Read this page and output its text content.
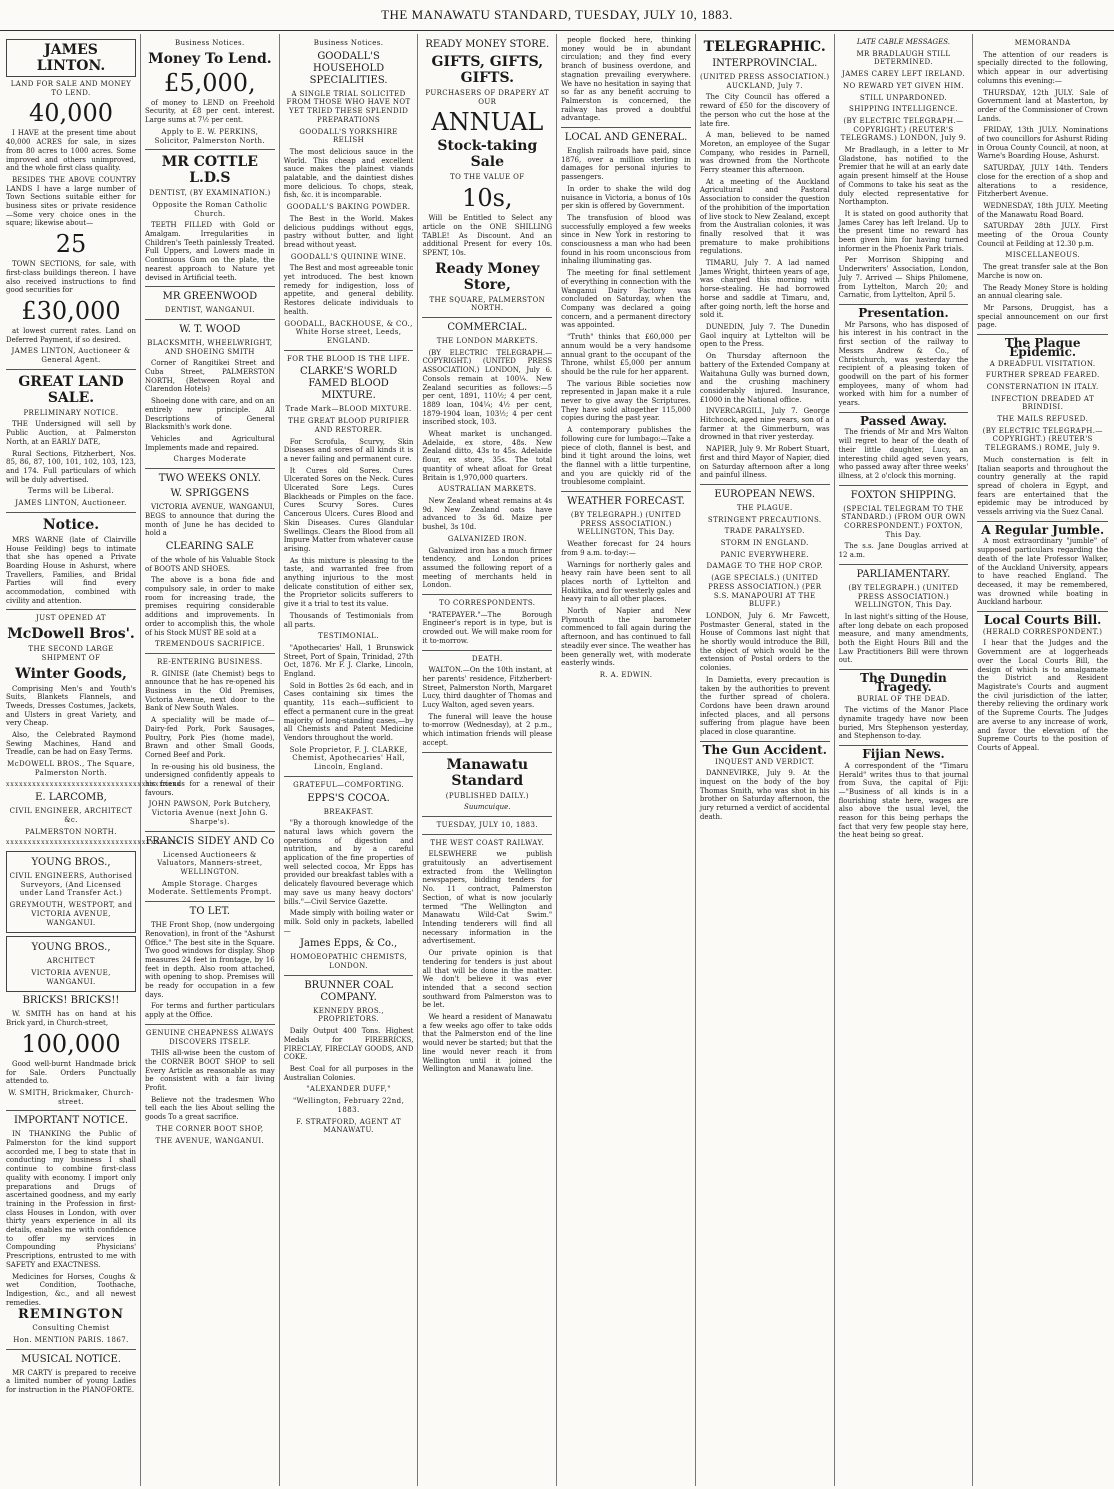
THE MANAWATU STANDARD, TUESDAY, JULY 10, 1883.
JAMES LINTON.
LAND FOR SALE AND MONEY TO LEND.
40,000

I HAVE at the present time about 40,000 ACRES for sale, in sizes from 80 acres to 1000 acres. Some improved and others unimproved, and the whole first class quality.

BESIDES THE ABOVE COUNTRY LANDS I have a large number of Town Sections suitable either for business sites or private residence—Some very choice ones in the square; likewise about—

25

TOWN SECTIONS, for sale, with first-class buildings thereon. I have also received instructions to find good securities for

£30,000

at lowest current rates. Land on Deferred Payment, if so desired.

JAMES LINTON, Auctioneer & General Agent.
GREAT LAND SALE.
PRELIMINARY NOTICE.

THE Undersigned will sell by Public Auction, at Palmerston North, at an EARLY DATE,

Rural Sections, Fitzherbert, Nos. 85, 86, 87, 100, 101, 102, 103, 123, and 174. Full particulars of which will be duly advertised.

Terms will be Liberal.
JAMES LINTON, Auctioneer.
Notice.

MRS WARNE (late of Clairville House Feilding) begs to intimate that she has opened a Private Boarding House in Ashurst, where Travellers, Families, and Bridal Parties will find every accommodation, combined with civility and attention.

JUST OPENED AT
McDowell Bros'.
THE SECOND LARGE SHIPMENT OF
Winter Goods,

Comprising Men's and Youth's Suits, Blankets Flannels, and Tweeds, Dresses Costumes, Jackets, and Ulsters in great Variety, and very Cheap.

Also, the Celebrated Raymond Sewing Machines, Hand and Treadle, can be had on Easy Terms.

McDOWELL BROS., The Square, Palmerston North.
xxxxxxxxxxxxxxxxxxxxxxxxxxxxxxxxxxxxxxxx
E. LARCOMB,
CIVIL ENGINEER, ARCHITECT &c.
PALMERSTON NORTH.
xxxxxxxxxxxxxxxxxxxxxxxxxxxxxxxxxxxxxxxx
YOUNG BROS.,
CIVIL ENGINEERS, Authorised Surveyors, (And Licensed under Land Transfer Act.)
GREYMOUTH, WESTPORT, and VICTORIA AVENUE, WANGANUI.
YOUNG BROS.,
ARCHITECT
VICTORIA AVENUE, WANGANUI.
BRICKS! BRICKS!!

W. SMITH has on hand at his Brick yard, in Church-street,

100,000

Good well-burnt Handmade brick for Sale. Orders Punctually attended to.

W. SMITH, Brickmaker, Church-street.
IMPORTANT NOTICE.

IN THANKING the Public of Palmerston for the kind support accorded me, I beg to state that in conducting my business I shall continue to combine first-class quality with economy. I import only preparations and Drugs of ascertained goodness, and my early training in the Profession in first-class Houses in London, with over thirty years experience in all its details, enables me with confidence to offer my services in Compounding Physicians' Prescriptions, entrusted to me with SAFETY and EXACTNESS.

Medicines for Horses, Coughs & wet Condition, Toothache, Indigestion, &c., and all newest remedies.

REMINGTON
Consulting Chemist
Hon. MENTION PARIS. 1867.
MUSICAL NOTICE.

MR CARTY is prepared to receive a limited number of young Ladies for instruction in the PIANOFORTE.

Business Notices.
Money To Lend.
£5,000,

of money to LEND on Freehold Security, at £8 per cent. interest. Large sums at 7½ per cent.

Apply to E. W. PERKINS, Solicitor, Palmerston North.
MR COTTLE L.D.S
DENTIST, (BY EXAMINATION.)
Opposite the Roman Catholic Church.

TEETH FILLED with Gold or Amalgam. Irregularities in Children's Teeth painlessly Treated. Full Uppers, and Lowers made in Continuous Gum on the plate, the nearest approach to Nature yet devised in Artificial teeth.

MR GREENWOOD
DENTIST, WANGANUI.
W. T. WOOD
BLACKSMITH, WHEELWRIGHT, AND SHOEING SMITH

Corner of Rangitikei Street and Cuba Street, PALMERSTON NORTH, (Between Royal and Clarendon Hotels)

Shoeing done with care, and on an entirely new principle. All Descriptions of General Blacksmith's work done.

Vehicles and Agricultural Implements made and repaired.

Charges Moderate
TWO WEEKS ONLY.
W. SPRIGGENS

VICTORIA AVENUE, WANGANUI, BEGS to announce that during the month of June he has decided to hold a

CLEARING SALE

of the whole of his Valuable Stock of BOOTS AND SHOES.

The above is a bona fide and compulsory sale, in order to make room for increasing trade, the premises requiring considerable additions and improvements. In order to accomplish this, the whole of his Stock MUST BE sold at a

TREMENDOUS SACRIFICE.
RE-ENTERING BUSINESS.

R. GINISE (late Chemist) begs to announce that he has re-opened his Business in the Old Premises, Victoria Avenue, next door to the Bank of New South Wales.

A speciality will be made of— Dairy-fed Pork, Pork Sausages, Poultry, Pork Pies (home made), Brawn and other Small Goods, Corned Beef and Pork.

In re-ousing his old business, the undersigned confidently appeals to his friends for a renewal of their favours.

JOHN PAWSON, Pork Butchery, Victoria Avenue (next John G. Sharpe's).
FRANCIS SIDEY AND Co
Licensed Auctioneers & Valuators, Manners-street, WELLINGTON.
Ample Storage. Charges Moderate. Settlements Prompt.
TO LET.

THE Front Shop, (now undergoing Renovation), in front of the "Ashurst Office." The best site in the Square. Two good windows for display. Shop measures 24 feet in frontage, by 16 feet in depth. Also room attached, with opening to shop. Premises will be ready for occupation in a few days.

For terms and further particulars apply at the Office.

GENUINE CHEAPNESS ALWAYS DISCOVERS ITSELF.

THIS all-wise been the custom of the CORNER BOOT SHOP to sell Every Article as reasonable as may be consistent with a fair living Profit.

Believe not the tradesmen Who tell each the lies About selling the goods To a great sacrifice.

THE CORNER BOOT SHOP,
THE AVENUE, WANGANUI.
Business Notices.
GOODALL'S HOUSEHOLD SPECIALITIES.
A SINGLE TRIAL SOLICITED FROM THOSE WHO HAVE NOT YET TRIED THESE SPLENDID PREPARATIONS
GOODALL'S YORKSHIRE RELISH

The most delicious sauce in the World. This cheap and excellent sauce makes the plainest viands palatable, and the daintiest dishes more delicious. To chops, steak, fish, &c. it is incomparable.

GOODALL'S BAKING POWDER.

The Best in the World. Makes delicious puddings without eggs, pastry without butter, and light bread without yeast.

GOODALL'S QUININE WINE.

The Best and most agreeable tonic yet introduced. The best known remedy for indigestion, loss of appetite, and general debility. Restores delicate individuals to health.

GOODALL, BACKHOUSE, & CO., White Horse street, Leeds, ENGLAND.
FOR THE BLOOD IS THE LIFE.
CLARKE'S WORLD FAMED BLOOD MIXTURE.
Trade Mark—BLOOD MIXTURE.
THE GREAT BLOOD PURIFIER AND RESTORER.

For Scrofula, Scurvy, Skin Diseases and sores of all kinds it is a never failing and permanent cure.

It Cures old Sores. Cures Ulcerated Sores on the Neck. Cures Ulcerated Sore Legs. Cures Blackheads or Pimples on the face. Cures Scurvy Sores. Cures Cancerous Ulcers. Cures Blood and Skin Diseases. Cures Glandular Swellings. Clears the Blood from all Impure Matter from whatever cause arising.

As this mixture is pleasing to the taste, and warranted free from anything injurious to the most delicate constitution of either sex, the Proprietor solicits sufferers to give it a trial to test its value.

Thousands of Testimonials from all parts.

TESTIMONIAL.

"Apothecaries' Hall, 1 Brunswick Street, Port of Spain, Trinidad, 27th Oct, 1876. Mr F. J. Clarke, Lincoln, England.

Sold in Bottles 2s 6d each, and in Cases containing six times the quantity, 11s each—sufficient to effect a permanent cure in the great majority of long-standing cases,—by all Chemists and Patent Medicine Vendors throughout the world.

Sole Proprietor, F. J. CLARKE, Chemist, Apothecaries' Hall, Lincoln, England.
GRATEFUL—COMFORTING.
EPPS'S COCOA.
BREAKFAST.

"By a thorough knowledge of the natural laws which govern the operations of digestion and nutrition, and by a careful application of the fine properties of well selected cocoa, Mr Epps has provided our breakfast tables with a delicately flavoured beverage which may save us many heavy doctors' bills."—Civil Service Gazette.

Made simply with boiling water or milk. Sold only in packets, labelled—

James Epps, & Co.,
HOMOEOPATHIC CHEMISTS, LONDON.
BRUNNER COAL COMPANY.
KENNEDY BROS., PROPRIETORS.

Daily Output 400 Tons. Highest Medals for FIREBRICKS, FIRECLAY, FIRECLAY GOODS, AND COKE.

Best Coal for all purposes in the Australian Colonies.

"ALEXANDER DUFF,"
"Wellington, February 22nd, 1883.
F. STRATFORD, AGENT AT MANAWATU.
READY MONEY STORE.
GIFTS, GIFTS, GIFTS.
PURCHASERS OF DRAPERY AT OUR
ANNUAL
Stock-taking Sale
TO THE VALUE OF
10s,

Will be Entitled to Select any article on the ONE SHILLING TABLE! As Discount. And an additional Present for every 10s. SPENT, 10s.

Ready Money Store,
THE SQUARE, PALMERSTON NORTH.
COMMERCIAL.
THE LONDON MARKETS.

(BY ELECTRIC TELEGRAPH.—COPYRIGHT.) (UNITED PRESS ASSOCIATION.) LONDON, July 6. Consols remain at 100¼. New Zealand securities as follows:—5 per cent, 1891, 110½; 4 per cent, 1889 loan, 104¼; 4½ per cent, 1879-1904 loan, 103½; 4 per cent inscribed stock, 103.

Wheat market is unchanged. Adelaide, ex store, 48s. New Zealand ditto, 43s to 45s. Adelaide flour, ex store, 35s. The total quantity of wheat afloat for Great Britain is 1,970,000 quarters.

AUSTRALIAN MARKETS.

New Zealand wheat remains at 4s 9d. New Zealand oats have advanced to 3s 6d. Maize per bushel, 3s 10d.

GALVANIZED IRON.

Galvanized iron has a much firmer tendency, and London prices assumed the following report of a meeting of merchants held in London.

TO CORRESPONDENTS.

"RATEPAYER."—The Borough Engineer's report is in type, but is crowded out. We will make room for it to-morrow.

DEATH.

WALTON.—On the 10th instant, at her parents' residence, Fitzherbert-Street, Palmerston North, Margaret Lucy, third daughter of Thomas and Lucy Walton, aged seven years.

The funeral will leave the house to-morrow (Wednesday), at 2 p.m., which intimation friends will please accept.

Manawatu Standard
(PUBLISHED DAILY.)
Suumcuique.
TUESDAY, JULY 10, 1883.
THE WEST COAST RAILWAY.

ELSEWHERE we publish gratuitously an advertisement extracted from the Wellington newspapers, bidding tenders for No. 11 contract, Palmerston Section, of what is now jocularly termed "The Wellington and Manawatu Wild-Cat Swim." Intending tenderers will find all necessary information in the advertisement.

Our private opinion is that tendering for tenders is just about all that will be done in the matter. We don't believe it was ever intended that a second section southward from Palmerston was to be let.

We heard a resident of Manawatu a few weeks ago offer to take odds that the Palmerston end of the line would never be started; but that the line would never reach it from Wellington until it joined the Wellington and Manawatu line.

people flocked here, thinking money would be in abundant circulation; and they find every branch of business overdone, and stagnation prevailing everywhere. We have no hesitation in saying that so far as any benefit accruing to Palmerston is concerned, the railway has proved a doubtful advantage.

LOCAL AND GENERAL.

English railroads have paid, since 1876, over a million sterling in damages for personal injuries to passengers.

In order to shake the wild dog nuisance in Victoria, a bonus of 10s per skin is offered by Government.

The transfusion of blood was successfully employed a few weeks since in New York in restoring to consciousness a man who had been found in his room unconscious from inhaling illuminating gas.

The meeting for final settlement of everything in connection with the Wanganui Dairy Factory was concluded on Saturday, when the Company was declared a going concern, and a permanent directory was appointed.

"Truth" thinks that £60,000 per annum would be a very handsome annual grant to the occupant of the Throne, whilst £5,000 per annum should be the rule for her apparent.

The various Bible societies now represented in Japan make it a rule never to give away the Scriptures. They have sold altogether 115,000 copies during the past year.

A contemporary publishes the following cure for lumbago:—Take a piece of cloth, flannel is best, and bind it tight around the loins, wet the flannel with a little turpentine, and you are quickly rid of the troublesome complaint.

WEATHER FORECAST.
(BY TELEGRAPH.) (UNITED PRESS ASSOCIATION.) WELLINGTON, This Day.

Weather forecast for 24 hours from 9 a.m. to-day:—

Warnings for northerly gales and heavy rain have been sent to all places north of Lyttelton and Hokitika, and for westerly gales and heavy rain to all other places.

North of Napier and New Plymouth the barometer commenced to fall again during the afternoon, and has continued to fall steadily ever since. The weather has been generally wet, with moderate easterly winds.

R. A. EDWIN.
TELEGRAPHIC.
INTERPROVINCIAL.
(UNITED PRESS ASSOCIATION.) AUCKLAND, July 7.

The City Council has offered a reward of £50 for the discovery of the person who cut the hose at the late fire.

A man, believed to be named Moreton, an employee of the Sugar Company, who resides in Parnell, was drowned from the Northcote Ferry steamer this afternoon.

At a meeting of the Auckland Agricultural and Pastoral Association to consider the question of the prohibition of the importation of live stock to New Zealand, except from the Australian colonies, it was finally resolved that it was premature to make prohibitions regulations.

TIMARU, July 7. A lad named James Wright, thirteen years of age, was charged this morning with horse-stealing. He had borrowed horse and saddle at Timaru, and, after going north, left the horse and sold it.

DUNEDIN, July 7. The Dunedin Gaol inquiry at Lyttelton will be open to the Press.

On Thursday afternoon the battery of the Extended Company at Waitahuna Gully was burned down, and the crushing machinery considerably injured. Insurance, £1000 in the National office.

INVERCARGILL, July 7. George Hitchcock, aged nine years, son of a farmer at the Gimmerburn, was drowned in that river yesterday.

NAPIER, July 9. Mr Robert Stuart, first and third Mayor of Napier, died on Saturday afternoon after a long and painful illness.

EUROPEAN NEWS.
THE PLAGUE.
STRINGENT PRECAUTIONS.
TRADE PARALYSED.
STORM IN ENGLAND.
PANIC EVERYWHERE.
DAMAGE TO THE HOP CROP.
(AGE SPECIALS.) (UNITED PRESS ASSOCIATION.) (PER S.S. MANAPOURI AT THE BLUFF.)

LONDON, July 6. Mr Fawcett, Postmaster General, stated in the House of Commons last night that he shortly would introduce the Bill, the object of which would be the extension of Postal orders to the colonies.

In Damietta, every precaution is taken by the authorities to prevent the further spread of cholera. Cordons have been drawn around infected places, and all persons suffering from plague have been placed in close quarantine.

The Gun Accident.
INQUEST AND VERDICT.

DANNEVIRKE, July 9. At the inquest on the body of the boy Thomas Smith, who was shot in his brother on Saturday afternoon, the jury returned a verdict of accidental death.

LATE CABLE MESSAGES.
MR BRADLAUGH STILL DETERMINED.
JAMES CAREY LEFT IRELAND.
NO REWARD YET GIVEN HIM.
STILL UNPARDONED.
SHIPPING INTELLIGENCE.
(BY ELECTRIC TELEGRAPH.—COPYRIGHT.) (REUTER'S TELEGRAMS.) LONDON, July 9.

Mr Bradlaugh, in a letter to Mr Gladstone, has notified to the Premier that he will at an early date again present himself at the House of Commons to take his seat as the duly elected representative for Northampton.

It is stated on good authority that James Carey has left Ireland. Up to the present time no reward has been given him for having turned informer in the Phoenix Park trials.

Per Morrison Shipping and Underwriters' Association, London, July 7. Arrived — Ships Philomene, from Lyttelton, March 20; and Carnatic, from Lyttelton, April 5.

Presentation.

Mr Parsons, who has disposed of his interest in his contract in the first section of the railway to Messrs Andrew & Co., of Christchurch, was yesterday the recipient of a pleasing token of goodwill on the part of his former employees, many of whom had worked with him for a number of years.

Passed Away.

The friends of Mr and Mrs Walton will regret to hear of the death of their little daughter, Lucy, an interesting child aged seven years, who passed away after three weeks' illness, at 2 o'clock this morning.

FOXTON SHIPPING.
(SPECIAL TELEGRAM TO THE STANDARD.) (FROM OUR OWN CORRESPONDENT.) FOXTON, This Day.

The s.s. Jane Douglas arrived at 12 a.m.

PARLIAMENTARY.
(BY TELEGRAPH.) (UNITED PRESS ASSOCIATION.) WELLINGTON, This Day.

In last night's sitting of the House, after long debate on each proposed measure, and many amendments, both the Eight Hours Bill and the Law Practitioners Bill were thrown out.

The Dunedin Tragedy.
BURIAL OF THE DEAD.

The victims of the Manor Place dynamite tragedy have now been buried, Mrs Stephenson yesterday, and Stephenson to-day.

Fijian News.

A correspondent of the "Timaru Herald" writes thus to that journal from Suva, the capital of Fiji:—"Business of all kinds is in a flourishing state here, wages are also above the usual level, the reason for this being perhaps the fact that very few people stay here, the heat being so great.

MEMORANDA

The attention of our readers is specially directed to the following, which appear in our advertising columns this evening:—

THURSDAY, 12th JULY. Sale of Government land at Masterton, by order of the Commissioner of Crown Lands.

FRIDAY, 13th JULY. Nominations of two councillors for Ashurst Riding in Oroua County Council, at noon, at Warne's Boarding House, Ashurst.

SATURDAY, JULY 14th. Tenders close for the erection of a shop and alterations to a residence, Fitzherbert Avenue.

WEDNESDAY, 18th JULY. Meeting of the Manawatu Road Board.

SATURDAY 28th JULY. First meeting of the Oroua County Council at Feilding at 12.30 p.m.

MISCELLANEOUS.

The great transfer sale at the Bon Marche is now on.

The Ready Money Store is holding an annual clearing sale.

Mr Parsons, Druggist, has a special announcement on our first page.

The Plague Epidemic.
A DREADFUL VISITATION.
FURTHER SPREAD FEARED.
CONSTERNATION IN ITALY.
INFECTION DREADED AT BRINDISI.
THE MAILS REFUSED.
(BY ELECTRIC TELEGRAPH.—COPYRIGHT.) (REUTER'S TELEGRAMS.) ROME, July 9.

Much consternation is felt in Italian seaports and throughout the country generally at the rapid spread of cholera in Egypt, and fears are entertained that the epidemic may be introduced by vessels arriving via the Suez Canal.

A Regular Jumble.

A most extraordinary "jumble" of supposed particulars regarding the death of the late Professor Walker, of the Auckland University, appears to have reached England. The deceased, it may be remembered, was drowned while boating in Auckland harbour.

Local Courts Bill.
(HERALD CORRESPONDENT.)

I hear that the Judges and the Government are at loggerheads over the Local Courts Bill, the design of which is to amalgamate the District and Resident Magistrate's Courts and augment the civil jurisdiction of the latter, thereby relieving the ordinary work of the Supreme Courts. The Judges are averse to any increase of work, and favor the elevation of the Supreme Courts to the position of Courts of Appeal.
